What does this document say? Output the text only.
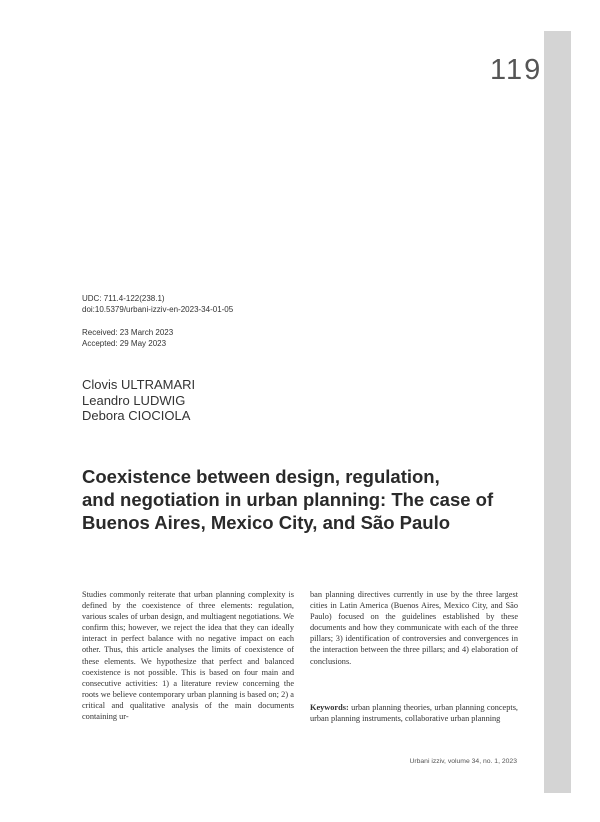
119
UDC: 711.4-122(238.1)
doi:10.5379/urbani-izziv-en-2023-34-01-05
Received: 23 March 2023
Accepted: 29 May 2023
Clovis ULTRAMARI
Leandro LUDWIG
Debora CIOCIOLA
Coexistence between design, regulation,
and negotiation in urban planning: The case of
Buenos Aires, Mexico City, and São Paulo

Studies commonly reiterate that urban planning complexity is defined by the coexistence of three elements: regulation, various scales of urban design, and multiagent negotiations. We confirm this; however, we reject the idea that they can ideally interact in perfect balance with no negative impact on each other. Thus, this article analyses the limits of coexistence of these elements. We hypothesize that perfect and balanced coexistence is not possible. This is based on four main and consecutive activities: 1) a literature review concerning the roots we believe contemporary urban planning is based on; 2) a critical and qualitative analysis of the main documents containing ur-

ban planning directives currently in use by the three largest cities in Latin America (Buenos Aires, Mexico City, and São Paulo) focused on the guidelines established by these documents and how they communicate with each of the three pillars; 3) identification of controversies and convergences in the interaction between the three pillars; and 4) elaboration of conclusions.

Keywords: urban planning theories, urban planning concepts, urban planning instruments, collaborative urban planning

Urbani izziv, volume 34, no. 1, 2023
